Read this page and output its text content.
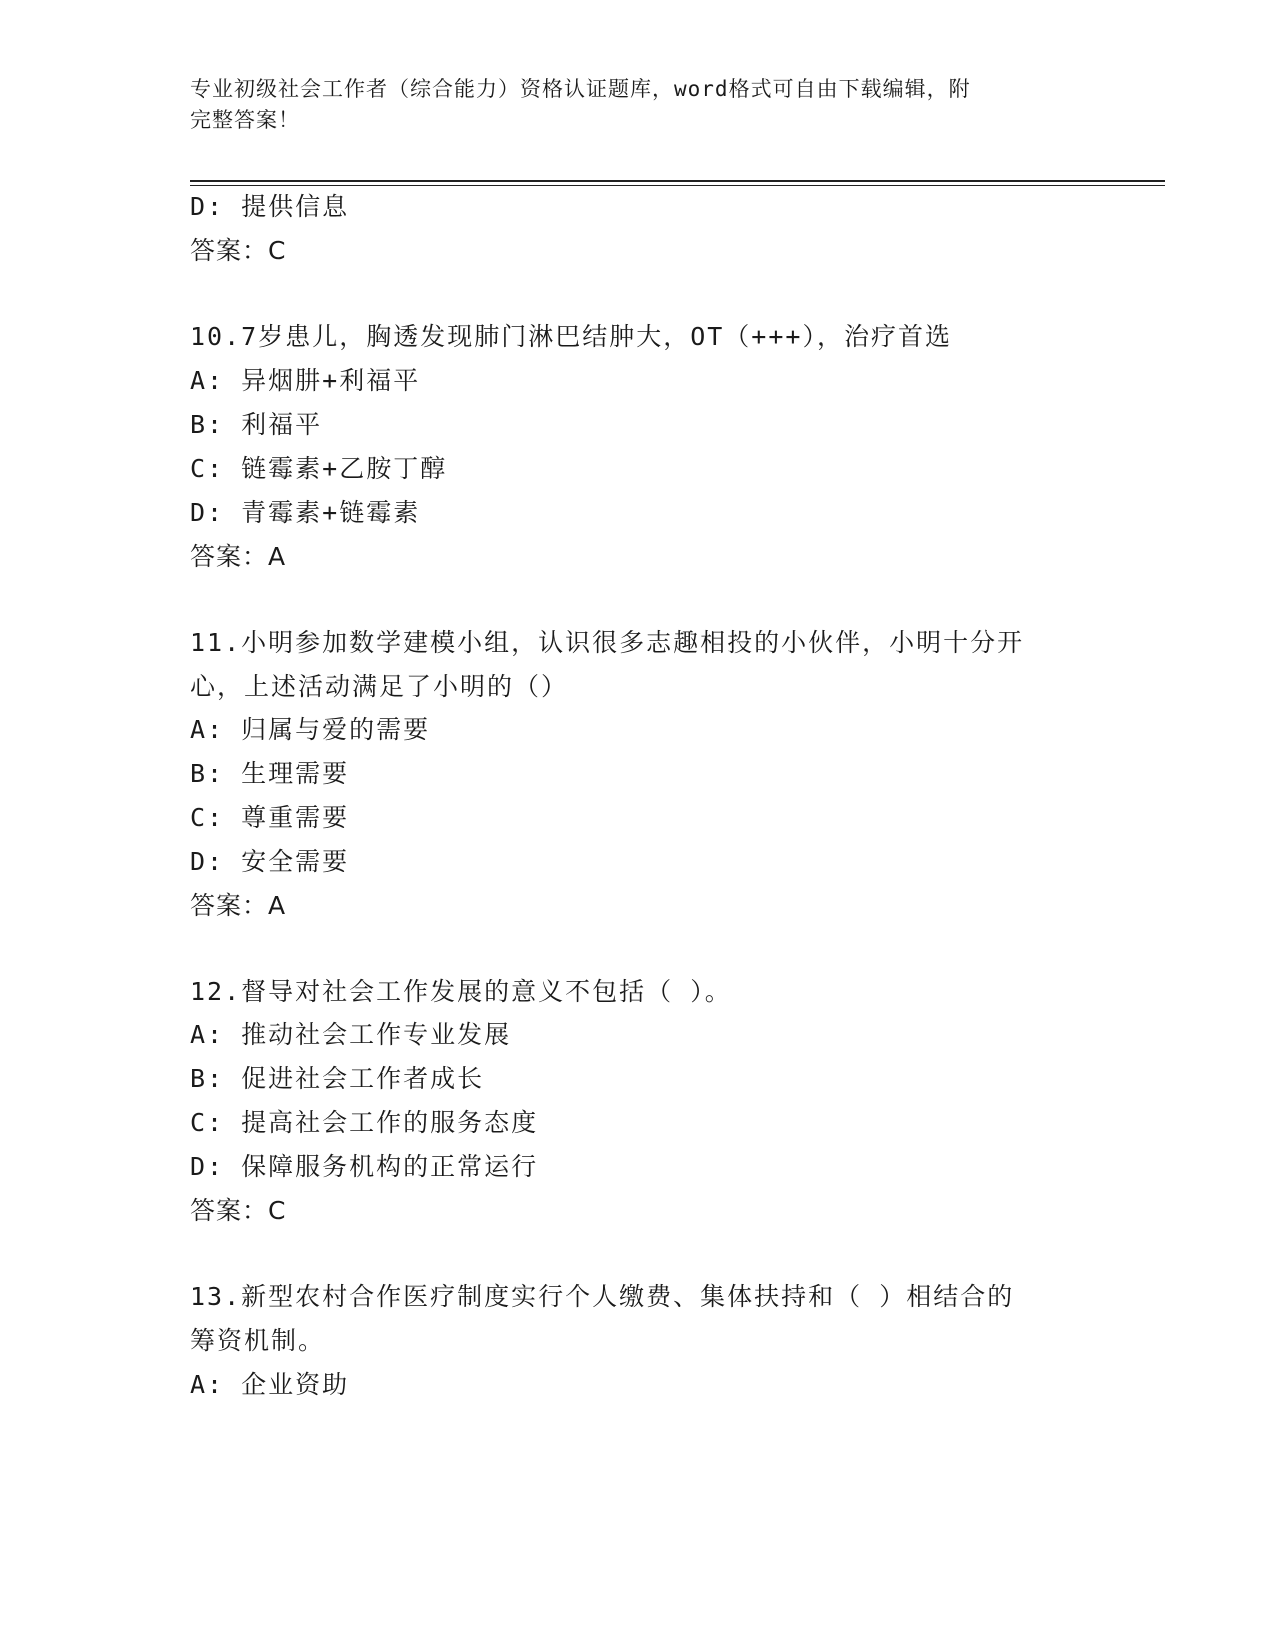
专业初级社会工作者（综合能力）资格认证题库，word格式可自由下载编辑，附
完整答案！
D: 提供信息
答案：C
10.7岁患儿，胸透发现肺门淋巴结肿大，OT（+++），治疗首选
A: 异烟肼+利福平
B: 利福平
C: 链霉素+乙胺丁醇
D: 青霉素+链霉素
答案：A
11.小明参加数学建模小组，认识很多志趣相投的小伙伴，小明十分开
心，上述活动满足了小明的（）
A: 归属与爱的需要
B: 生理需要
C: 尊重需要
D: 安全需要
答案：A
12.督导对社会工作发展的意义不包括（ ）。
A: 推动社会工作专业发展
B: 促进社会工作者成长
C: 提高社会工作的服务态度
D: 保障服务机构的正常运行
答案：C
13.新型农村合作医疗制度实行个人缴费、集体扶持和（ ）相结合的
筹资机制。
A: 企业资助
